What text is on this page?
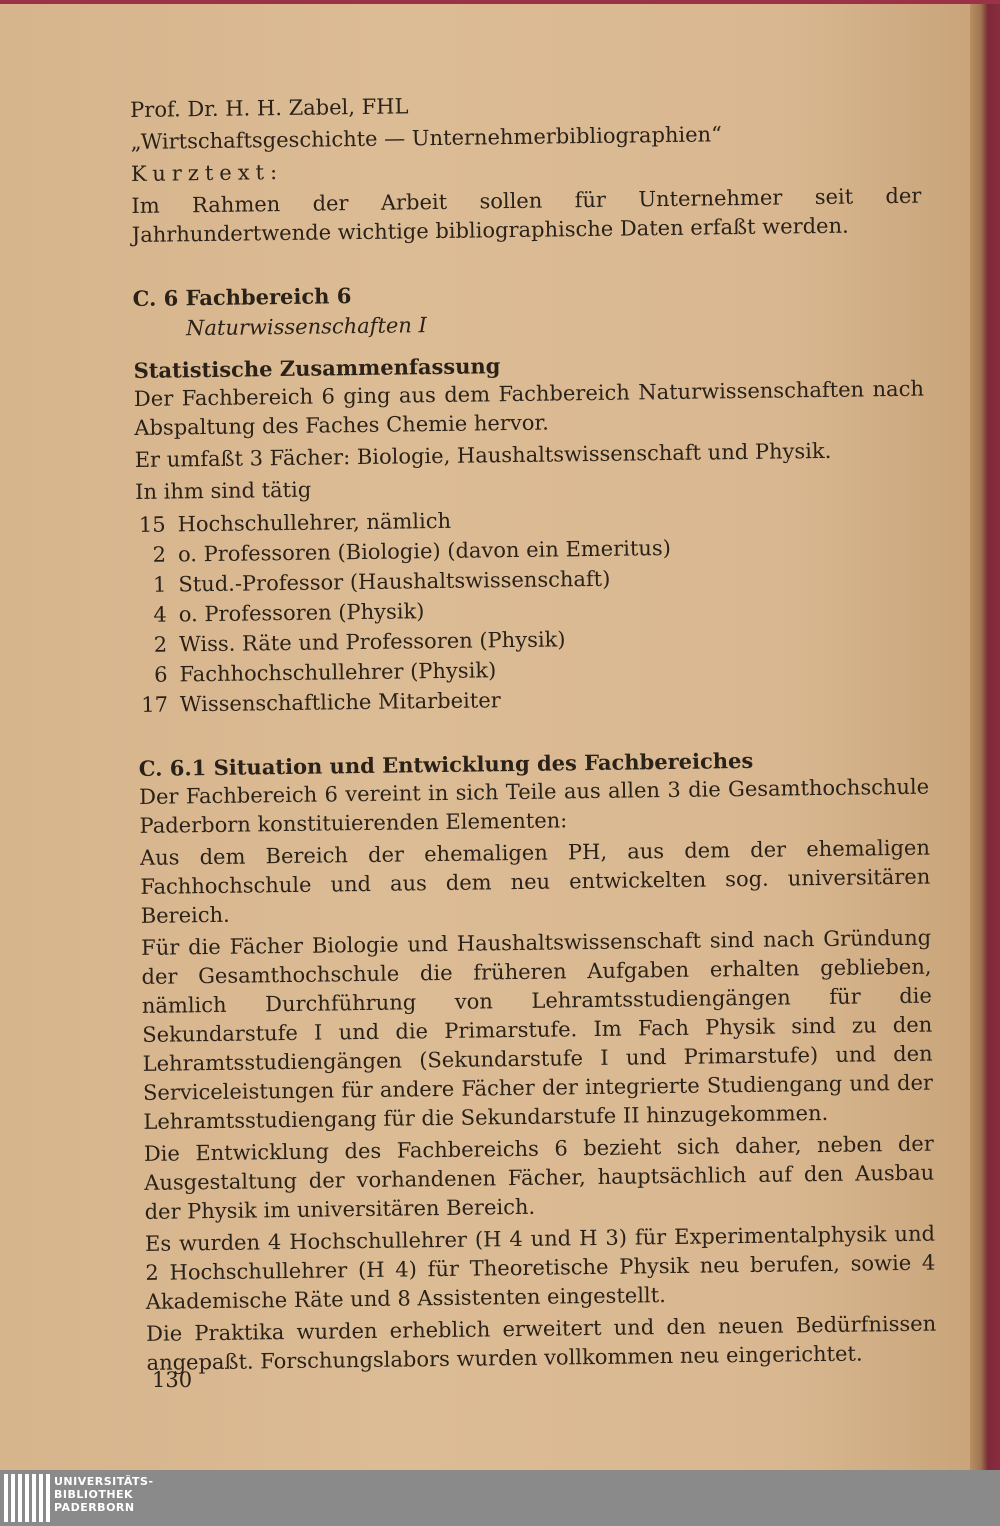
Prof. Dr. H. H. Zabel, FHL

„Wirtschaftsgeschichte — Unternehmerbibliographien“

Kurztext:

Im Rahmen der Arbeit sollen für Unternehmer seit der Jahrhundertwende wichtige bibliographische Daten erfaßt werden.

C. 6 Fachbereich 6

Naturwissenschaften I

Statistische Zusammenfassung

Der Fachbereich 6 ging aus dem Fachbereich Naturwissenschaften nach Abspaltung des Faches Chemie hervor.

Er umfaßt 3 Fächer: Biologie, Haushaltswissenschaft und Physik.

In ihm sind tätig

15 Hochschullehrer, nämlich
2 o. Professoren (Biologie) (davon ein Emeritus)
1 Stud.-Professor (Haushaltswissenschaft)
4 o. Professoren (Physik)
2 Wiss. Räte und Professoren (Physik)
6 Fachhochschullehrer (Physik)
17 Wissenschaftliche Mitarbeiter

C. 6.1 Situation und Entwicklung des Fachbereiches

Der Fachbereich 6 vereint in sich Teile aus allen 3 die Gesamthochschule Paderborn konstituierenden Elementen:

Aus dem Bereich der ehemaligen PH, aus dem der ehemaligen Fachhochschule und aus dem neu entwickelten sog. universitären Bereich.

Für die Fächer Biologie und Haushaltswissenschaft sind nach Gründung der Gesamthochschule die früheren Aufgaben erhalten geblieben, nämlich Durchführung von Lehramtsstudiengängen für die Sekundarstufe I und die Primarstufe. Im Fach Physik sind zu den Lehramtsstudiengängen (Sekundarstufe I und Primarstufe) und den Serviceleistungen für andere Fächer der integrierte Studiengang und der Lehramtsstudiengang für die Sekundarstufe II hinzugekommen.

Die Entwicklung des Fachbereichs 6 bezieht sich daher, neben der Ausgestaltung der vorhandenen Fächer, hauptsächlich auf den Ausbau der Physik im universitären Bereich.

Es wurden 4 Hochschullehrer (H 4 und H 3) für Experimentalphysik und 2 Hochschullehrer (H 4) für Theoretische Physik neu berufen, sowie 4 Akademische Räte und 8 Assistenten eingestellt.

Die Praktika wurden erheblich erweitert und den neuen Bedürfnissen angepaßt. Forschungslabors wurden vollkommen neu eingerichtet.

130
UNIVERSITÄTS-
BIBLIOTHEK
PADERBORN
